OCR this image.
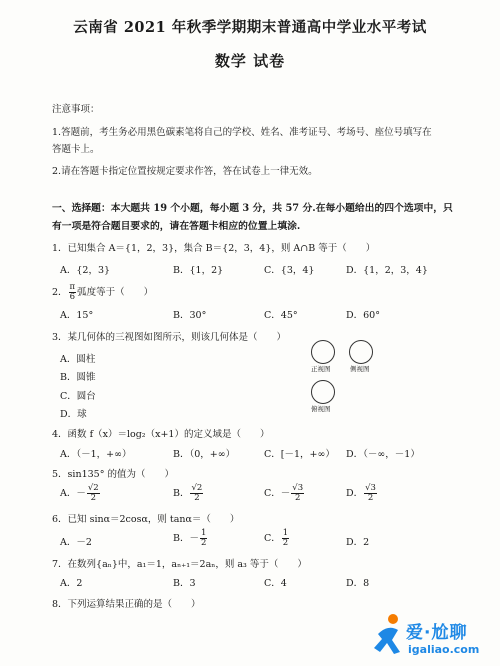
云南省 2021 年秋季学期期末普通高中学业水平考试
数学 试卷
注意事项：
1.答题前，考生务必用黑色碳素笔将自己的学校、姓名、准考证号、考场号、座位号填写在
答题卡上。
2.请在答题卡指定位置按规定要求作答，答在试卷上一律无效。
一、选择题：本大题共 19 个小题，每小题 3 分，共 57 分.在每小题给出的四个选项中，只
有一项是符合题目要求的，请在答题卡相应的位置上填涂.
1．已知集合 A＝{1，2，3}，集合 B＝{2，3，4}，则 A∩B 等于（　　）
A．{2，3}	B．{1，2}	C．{3，4}	D．{1，2，3，4}
2． $\frac{\pi}{6}$ 弧度等于（　　）
A．15°	B．30°	C．45°	D．60°
3．某几何体的三视图如图所示，则该几何体是（　　）
A．圆柱
B．圆锥
C．圆台
D．球
正视图	侧视图
俯视图
4．函数 f（x）＝log₂（x+1）的定义域是（　　）
A．（－1，+∞）	B．（0，+∞）	C．[－1，+∞） D．（－∞，－1）
5．sin135° 的值为（　　）
A．－ $\frac{√2}{2}$	B． $\frac{√2}{2}$	C．－ $\frac{√3}{2}$	D． $\frac{√3}{2}$
6．已知 sinα＝2cosα，则 tanα＝（　　）
A．－2	B．－ $\frac{1}{2}$	C． $\frac{1}{2}$	D．2
7．在数列{aₙ}中，a₁＝1，aₙ₊₁＝2aₙ，则 a₃ 等于（　　）
A．2	B．3	C．4	D．8
8．下列运算结果正确的是（　　）
爱·尬聊
igaliao.com
